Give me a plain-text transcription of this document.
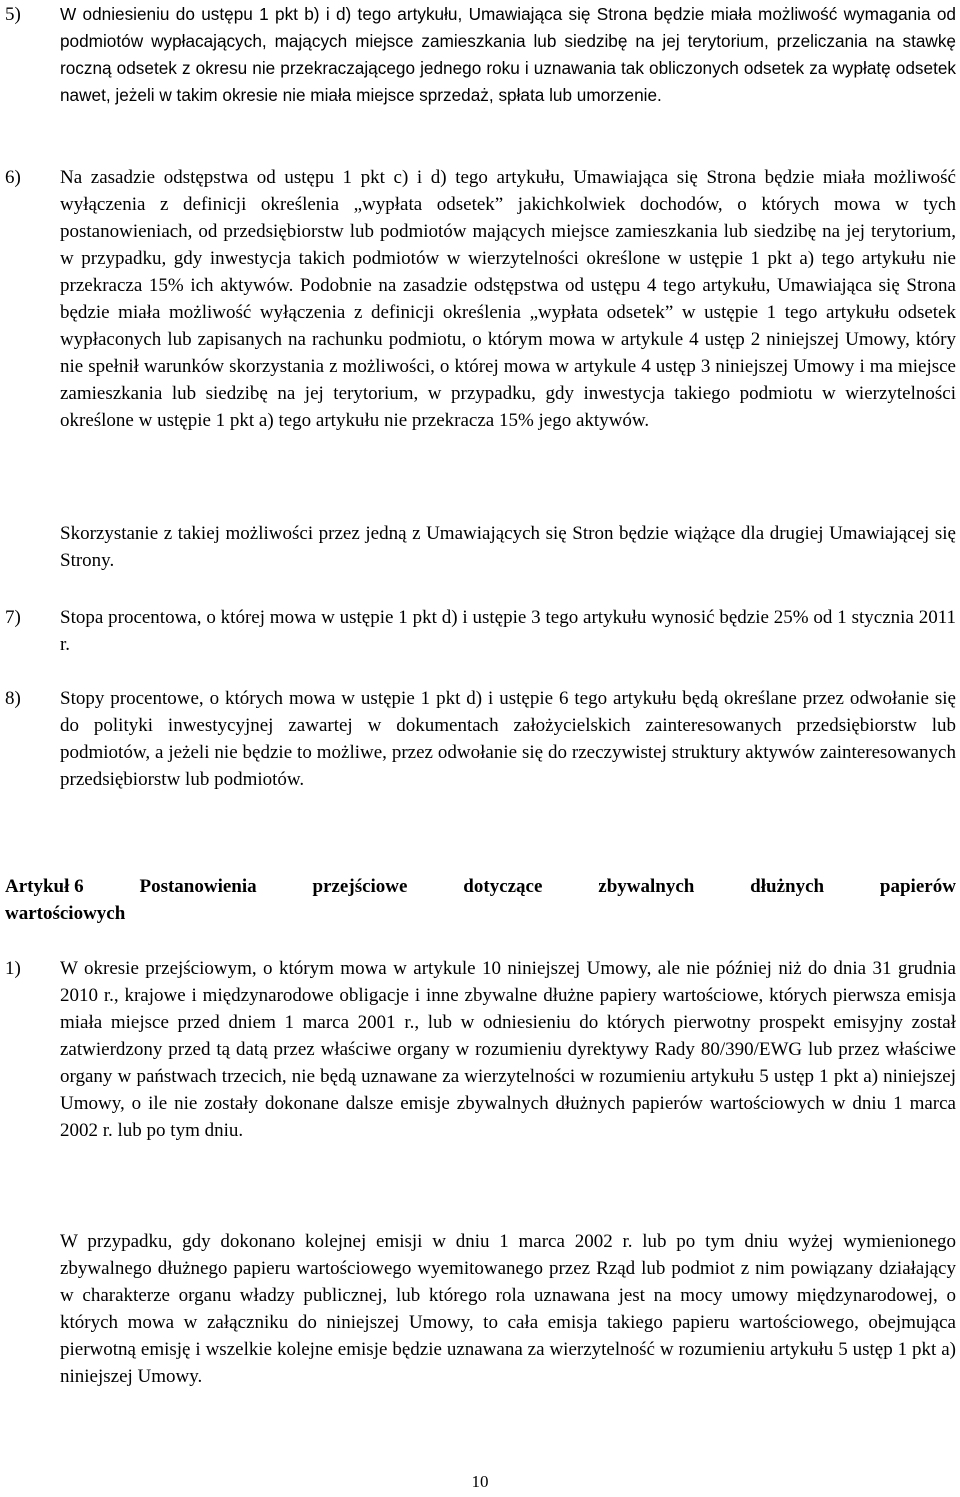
5) W odniesieniu do ustępu 1 pkt b) i d) tego artykułu, Umawiająca się Strona będzie miała możliwość wymagania od podmiotów wypłacających, mających miejsce zamieszkania lub siedzibę na jej terytorium, przeliczania na stawkę roczną odsetek z okresu nie przekraczającego jednego roku i uznawania tak obliczonych odsetek za wypłatę odsetek nawet, jeżeli w takim okresie nie miała miejsce sprzedaż, spłata lub umorzenie.
6) Na zasadzie odstępstwa od ustępu 1 pkt c) i d) tego artykułu, Umawiająca się Strona będzie miała możliwość wyłączenia z definicji określenia „wypłata odsetek” jakichkolwiek dochodów, o których mowa w tych postanowieniach, od przedsiębiorstw lub podmiotów mających miejsce zamieszkania lub siedzibę na jej terytorium, w przypadku, gdy inwestycja takich podmiotów w wierzytelności określone w ustępie 1 pkt a) tego artykułu nie przekracza 15% ich aktywów. Podobnie na zasadzie odstępstwa od ustępu 4 tego artykułu, Umawiająca się Strona będzie miała możliwość wyłączenia z definicji określenia „wypłata odsetek” w ustępie 1 tego artykułu odsetek wypłaconych lub zapisanych na rachunku podmiotu, o którym mowa w artykule 4 ustęp 2 niniejszej Umowy, który nie spełnił warunków skorzystania z możliwości, o której mowa w artykule 4 ustęp 3 niniejszej Umowy i ma miejsce zamieszkania lub siedzibę na jej terytorium, w przypadku, gdy inwestycja takiego podmiotu w wierzytelności określone w ustępie 1 pkt a) tego artykułu nie przekracza 15% jego aktywów.

Skorzystanie z takiej możliwości przez jedną z Umawiających się Stron będzie wiążące dla drugiej Umawiającej się Strony.

7) Stopa procentowa, o której mowa w ustępie 1 pkt d) i ustępie 3 tego artykułu wynosić będzie 25% od 1 stycznia 2011 r.
8) Stopy procentowe, o których mowa w ustępie 1 pkt d) i ustępie 6 tego artykułu będą określane przez odwołanie się do polityki inwestycyjnej zawartej w dokumentach założycielskich zainteresowanych przedsiębiorstw lub podmiotów, a jeżeli nie będzie to możliwe, przez odwołanie się do rzeczywistej struktury aktywów zainteresowanych przedsiębiorstw lub podmiotów.
Artykuł 6	Postanowienia	przejściowe	dotyczące	zbywalnych	dłużnych	papierów
wartościowych
1) W okresie przejściowym, o którym mowa w artykule 10 niniejszej Umowy, ale nie później niż do dnia 31 grudnia 2010 r., krajowe i międzynarodowe obligacje i inne zbywalne dłużne papiery wartościowe, których pierwsza emisja miała miejsce przed dniem 1 marca 2001 r., lub w odniesieniu do których pierwotny prospekt emisyjny został zatwierdzony przed tą datą przez właściwe organy w rozumieniu dyrektywy Rady 80/390/EWG lub przez właściwe organy w państwach trzecich, nie będą uznawane za wierzytelności w rozumieniu artykułu 5 ustęp 1 pkt a) niniejszej Umowy, o ile nie zostały dokonane dalsze emisje zbywalnych dłużnych papierów wartościowych w dniu 1 marca 2002 r. lub po tym dniu.

W przypadku, gdy dokonano kolejnej emisji w dniu 1 marca 2002 r. lub po tym dniu wyżej wymienionego zbywalnego dłużnego papieru wartościowego wyemitowanego przez Rząd lub podmiot z nim powiązany działający w charakterze organu władzy publicznej, lub którego rola uznawana jest na mocy umowy międzynarodowej, o których mowa w załączniku do niniejszej Umowy, to cała emisja takiego papieru wartościowego, obejmująca pierwotną emisję i wszelkie kolejne emisje będzie uznawana za wierzytelność w rozumieniu artykułu 5 ustęp 1 pkt a) niniejszej Umowy.

10
